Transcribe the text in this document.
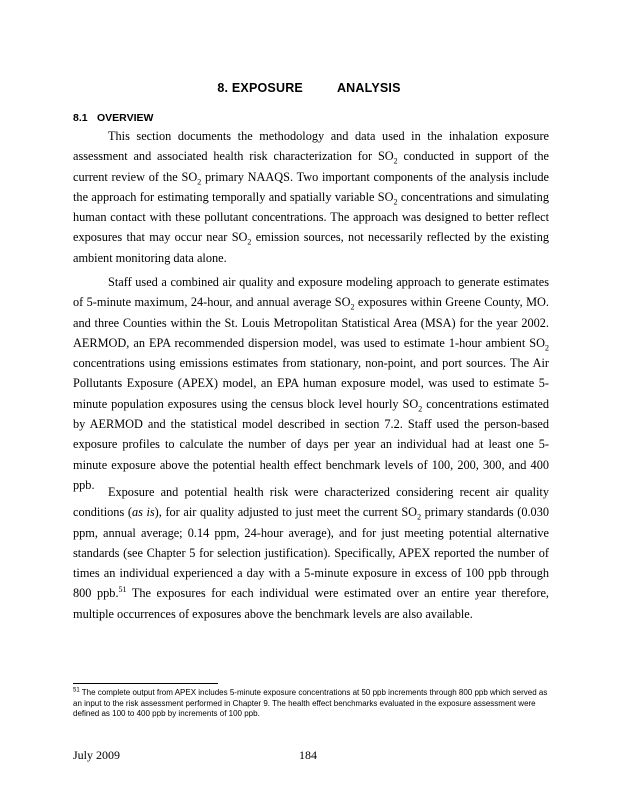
8. EXPOSURE	ANALYSIS
8.1 OVERVIEW

This section documents the methodology and data used in the inhalation exposure assessment and associated health risk characterization for $SO_2$ conducted in support of the current review of the $SO_2$ primary NAAQS. Two important components of the analysis include the approach for estimating temporally and spatially variable $SO_2$ concentrations and simulating human contact with these pollutant concentrations. The approach was designed to better reflect exposures that may occur near $SO_2$ emission sources, not necessarily reflected by the existing ambient monitoring data alone.

Staff used a combined air quality and exposure modeling approach to generate estimates of 5-minute maximum, 24-hour, and annual average $SO_2$ exposures within Greene County, MO. and three Counties within the St. Louis Metropolitan Statistical Area (MSA) for the year 2002. AERMOD, an EPA recommended dispersion model, was used to estimate 1-hour ambient $SO_2$ concentrations using emissions estimates from stationary, non-point, and port sources. The Air Pollutants Exposure (APEX) model, an EPA human exposure model, was used to estimate 5-minute population exposures using the census block level hourly $SO_2$ concentrations estimated by AERMOD and the statistical model described in section 7.2. Staff used the person-based exposure profiles to calculate the number of days per year an individual had at least one 5-minute exposure above the potential health effect benchmark levels of 100, 200, 300, and 400 ppb.

Exposure and potential health risk were characterized considering recent air quality conditions (as is), for air quality adjusted to just meet the current $SO_2$ primary standards (0.030 ppm, annual average; 0.14 ppm, 24-hour average), and for just meeting potential alternative standards (see Chapter 5 for selection justification). Specifically, APEX reported the number of times an individual experienced a day with a 5-minute exposure in excess of 100 ppb through 800 ppb.$^{51}$ The exposures for each individual were estimated over an entire year therefore, multiple occurrences of exposures above the benchmark levels are also available.

$^{51}$ The complete output from APEX includes 5-minute exposure concentrations at 50 ppb increments through 800 ppb which served as an input to the risk assessment performed in Chapter 9. The health effect benchmarks evaluated in the exposure assessment were defined as 100 to 400 ppb by increments of 100 ppb.
July 2009	184
